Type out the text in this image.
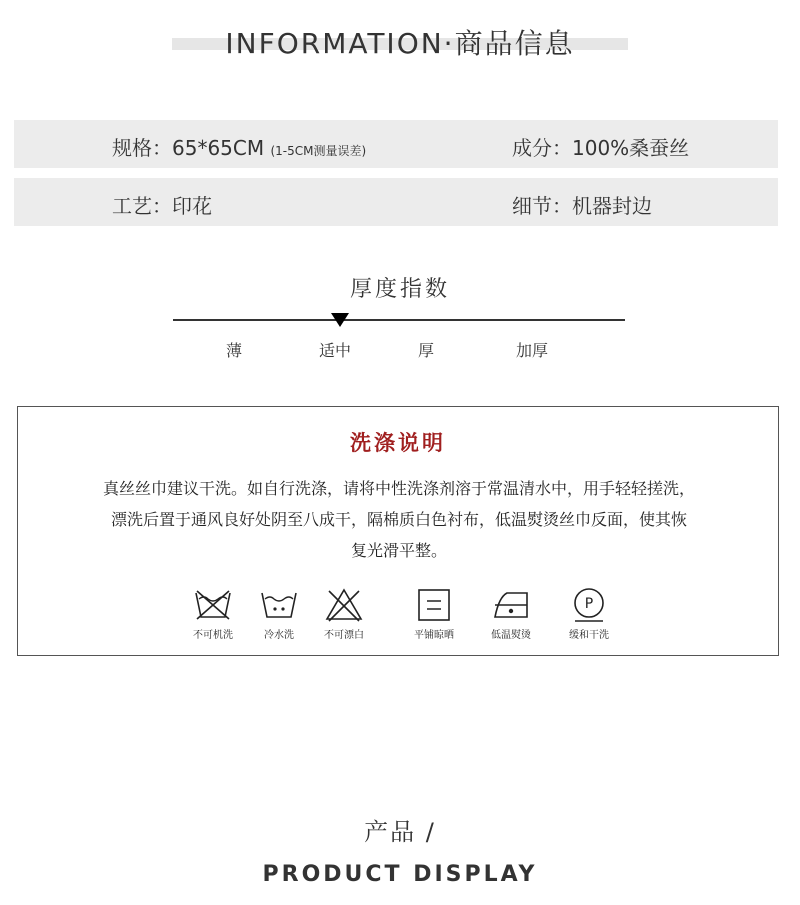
INFORMATION·商品信息
规格：65*65CM (1-5CM测量误差)	成分：100%桑蚕丝
工艺：印花	细节：机器封边
厚度指数
薄	适中	厚	加厚
洗涤说明
真丝丝巾建议干洗。如自行洗涤，请将中性洗涤剂溶于常温清水中，用手轻轻搓洗，
漂洗后置于通风良好处阴至八成干，隔棉质白色衬布，低温熨烫丝巾反面，使其恢
复光滑平整。
不可机洗	冷水洗	不可漂白	平铺晾晒	低温熨烫
P
缓和干洗
产品 /
PRODUCT DISPLAY
